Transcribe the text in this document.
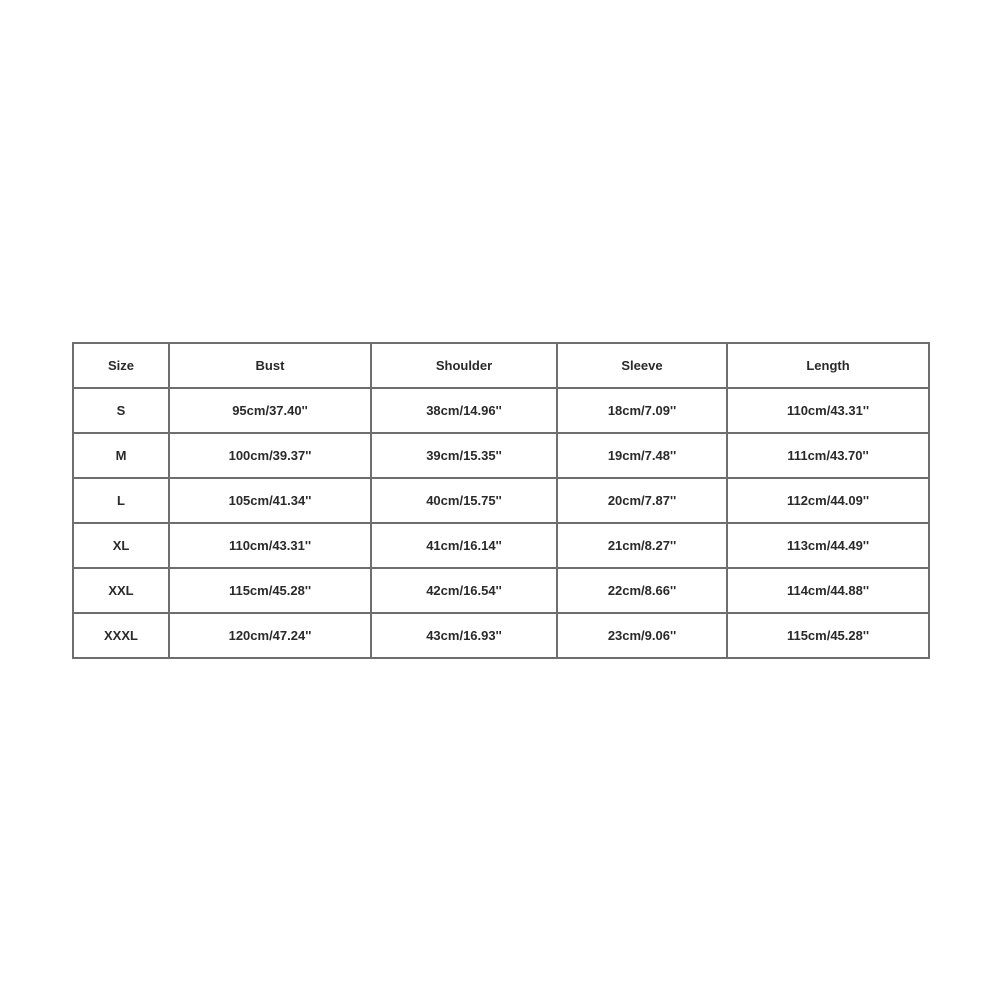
Size	Bust	Shoulder	Sleeve	Length
S	95cm/37.40''	38cm/14.96''	18cm/7.09''	110cm/43.31''
M	100cm/39.37''	39cm/15.35''	19cm/7.48''	111cm/43.70''
L	105cm/41.34''	40cm/15.75''	20cm/7.87''	112cm/44.09''
XL	110cm/43.31''	41cm/16.14''	21cm/8.27''	113cm/44.49''
XXL	115cm/45.28''	42cm/16.54''	22cm/8.66''	114cm/44.88''
XXXL	120cm/47.24''	43cm/16.93''	23cm/9.06''	115cm/45.28''
